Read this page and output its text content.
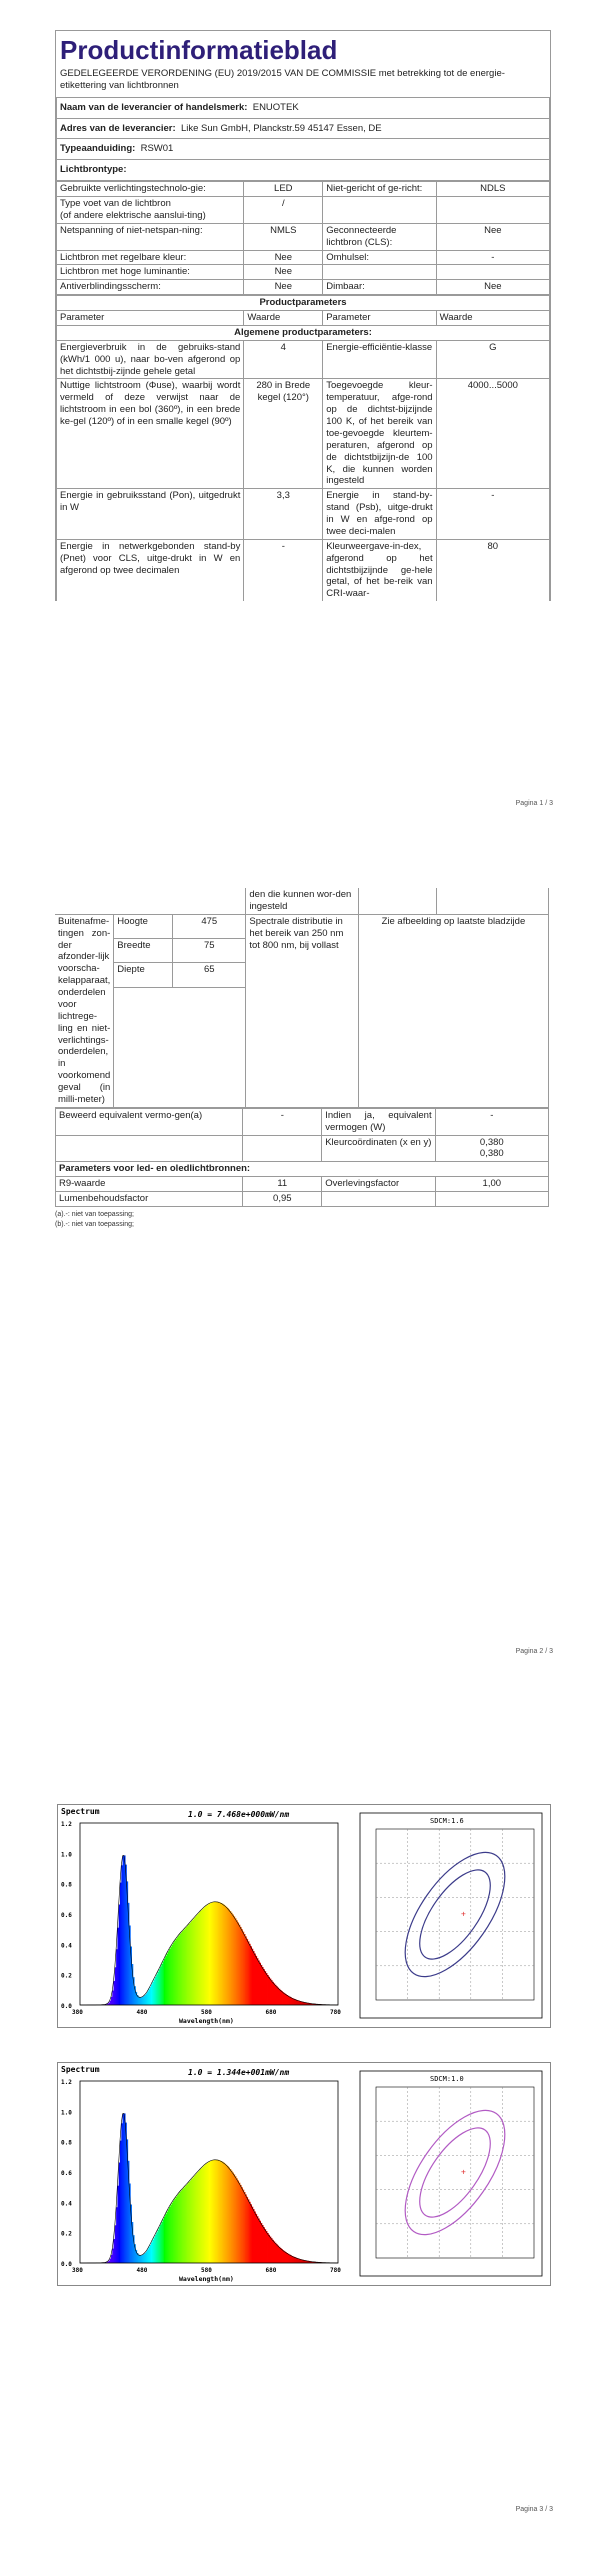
Productinformatieblad
GEDELEGEERDE VERORDENING (EU) 2019/2015 VAN DE COMMISSIE met betrekking tot de energie-etikettering van lichtbronnen
Naam van de leverancier of handelsmerk: ENUOTEK
Adres van de leverancier: Like Sun GmbH, Planckstr.59 45147 Essen, DE
Typeaanduiding: RSW01
Lichtbrontype:
Gebruikte verlichtingstechnolo-gie:	LED	Niet-gericht of ge-richt:	NDLS
Type voet van de lichtbron
(of andere elektrische aanslui-ting)	/		
Netspanning of niet-netspan-ning:	NMLS	Geconnecteerde lichtbron (CLS):	Nee
Lichtbron met regelbare kleur:	Nee	Omhulsel:	-
Lichtbron met hoge luminantie:	Nee		
Antiverblindingsscherm:	Nee	Dimbaar:	Nee
Productparameters			
Parameter	Waarde	Parameter	Waarde
Algemene productparameters:			
Energieverbruik in de gebruiks-stand (kWh/1 000 u), naar bo-ven afgerond op het dichtstbij-zijnde gehele getal	4	Energie-efficiëntie-klasse	G
Nuttige lichtstroom (Φuse), waarbij wordt vermeld of deze verwijst naar de lichtstroom in een bol (360º), in een brede ke-gel (120º) of in een smalle kegel (90º)	280 in Brede kegel (120°)	Toegevoegde kleur-temperatuur, afge-rond op de dichtst-bijzijnde 100 K, of het bereik van toe-gevoegde kleurtem-peraturen, afgerond op de dichtstbijzijn-de 100 K, die kunnen worden ingesteld	4000...5000
Energie in gebruiksstand (Pon), uitgedrukt in W	3,3	Energie in stand-by-stand (Psb), uitge-drukt in W en afge-rond op twee deci-malen	-
Energie in netwerkgebonden stand-by (Pnet) voor CLS, uitge-drukt in W en afgerond op twee decimalen	-	Kleurweergave-in-dex, afgerond op het dichtstbijzijnde ge-hele getal, of het be-reik van CRI-waar-	80
Pagina 1 / 3
			den die kunnen wor-den ingesteld		
Buitenafme-tingen zon-der afzonder-lijk voorscha-kelapparaat, onderdelen voor lichtrege-ling en niet-verlichtings-onderdelen, in voorkomend geval (in milli-meter)	Hoogte	475	Spectrale distributie in het bereik van 250 nm tot 800 nm, bij vollast	Zie afbeelding op laatste bladzijde	
	Breedte	75			
	Diepte	65			

Beweerd equivalent vermo-gen(a)	-	Indien ja, equivalent vermogen (W)	-
		Kleurcoördinaten (x en y)	0,380
0,380
Parameters voor led- en oledlichtbronnen:			
R9-waarde	11	Overlevingsfactor	1,00
Lumenbehoudsfactor	0,95		
(a).-: niet van toepassing;
(b).-: niet van toepassing;
Pagina 2 / 3
Spectrum	1.0 = 7.468e+000mW/nm
1.2
1.0
0.8
0.6
0.4
0.2
0.0
380	480	580	680	780
Wavelength(nm)
SDCM:1.6
+
Spectrum	1.0 = 1.344e+001mW/nm
1.2
1.0
0.8
0.6
0.4
0.2
0.0
380	480	580	680	780
Wavelength(nm)
SDCM:1.0
+
Pagina 3 / 3
